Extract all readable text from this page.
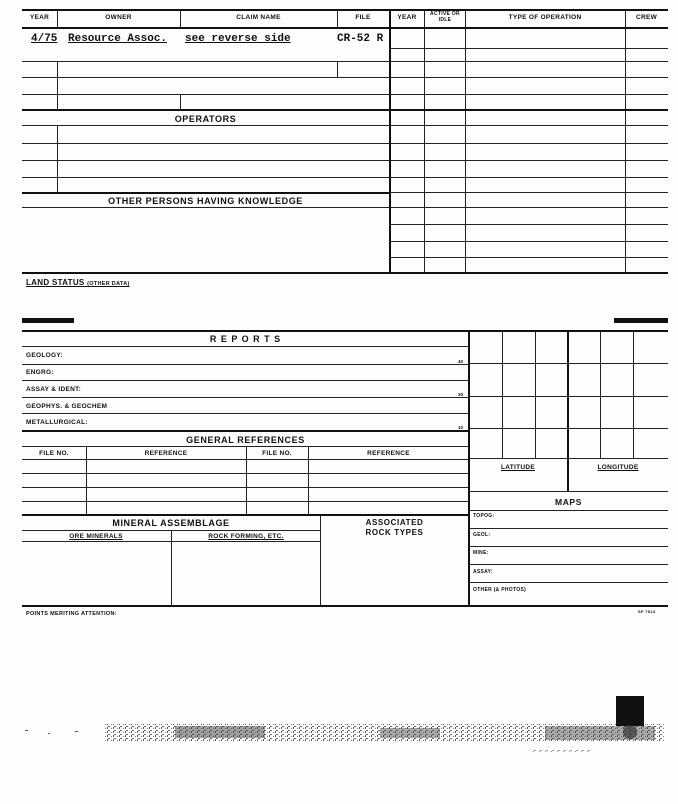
YEAR	OWNER	CLAIM NAME	FILE	YEAR	ACTIVE OR IDLE	TYPE OF OPERATION	CREW
4/75 Resource Assoc. see reverse side	CR-52 R
OPERATORS
OTHER PERSONS HAVING KNOWLEDGE
LAND STATUS (OTHER DATA)
R E P O R T S
GEOLOGY:
40
ENGRG:
ASSAY & IDENT:
30
GEOPHYS. & GEOCHEM
METALLURGICAL:
10
GENERAL REFERENCES
FILE NO.	REFERENCE	FILE NO.	REFERENCE
MINERAL ASSEMBLAGE
ORE MINERALS	ROCK FORMING, ETC.
ASSOCIATED
ROCK TYPES
LATITUDE	LONGITUDE
MAPS
TOPOG:
GEOL:
MINE:
ASSAY:
OTHER (& PHOTOS)
POINTS MERITING ATTENTION:	SP 7813
